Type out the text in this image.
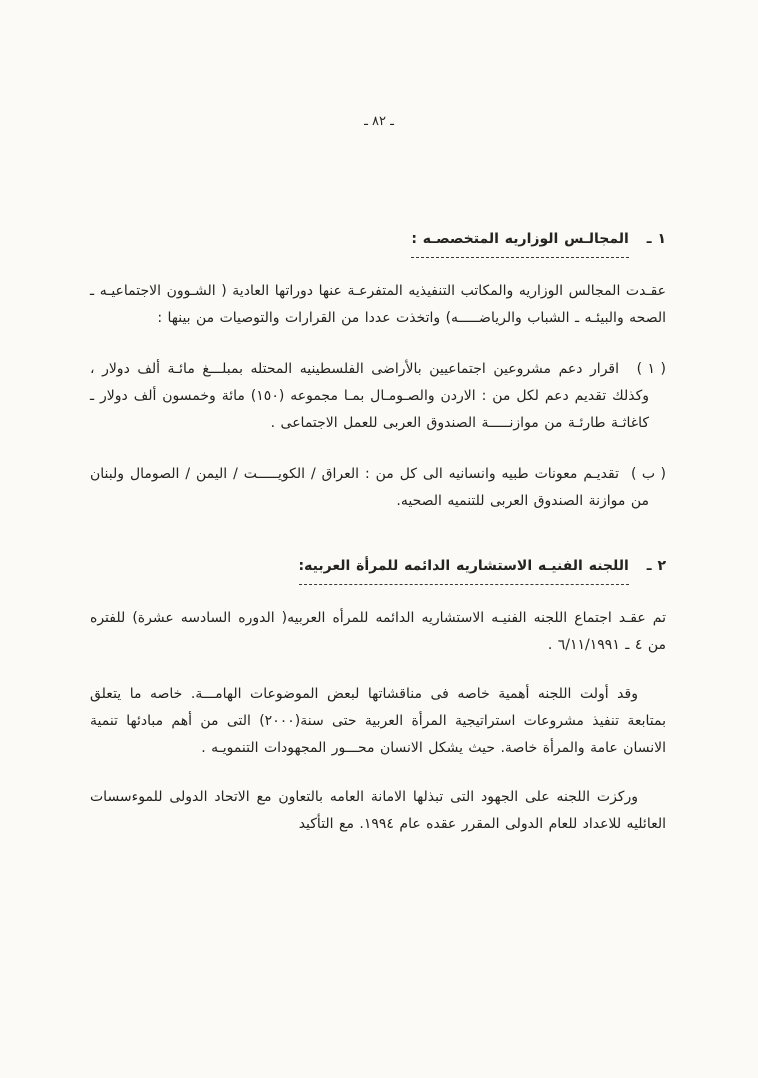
ـ ٨٢ ـ
١ ـ
المجالـس الوزاريه المتخصصـه :

عقـدت المجالس الوزاريه والمكاتب التنفيذيه المتفرعـة عنها دوراتها العادية ( الشـوون الاجتماعيـه ـ الصحه والبيئـه ـ الشباب والرياضـــــه) واتخذت عددا من القرارات والتوصيات من بينها :

( ١ )
اقرار دعم مشروعين اجتماعيين بالأراضى الفلسطينيه المحتله بمبلـــغ مائـة ألف دولار ، وكذلك تقديم دعم لكل من : الاردن والصـومـال بمـا مجموعه (١٥٠) مائة وخمسون ألف دولار ـ كاغاثـة طارئـة من موازنـــــة الصندوق العربى للعمل الاجتماعى .
( ب )
تقديـم معونات طبيه وانسانيه الى كل من : العراق / الكويـــــت / اليمن / الصومال ولبنان من موازنة الصندوق العربى للتنميه الصحيه.
٢ ـ
اللجنه الفنيـه الاستشاريه الدائمه للمرأة العربيه:

تم عقـد اجتماع اللجنه الفنيـه الاستشاريه الدائمه للمرأه العربيه( الدوره السادسه عشرة) للفتره من ٤ ـ ٦/١١/١٩٩١ .

وقد أولت اللجنه أهمية خاصه فى مناقشاتها لبعض الموضوعات الهامـــة. خاصه ما يتعلق بمتابعة تنفيذ مشروعات استراتيجية المرأة العربية حتى سنة(٢٠٠٠) التى من أهم مبادئها تنمية الانسان عامة والمرأة خاصة. حيث يشكل الانسان محـــور المجهودات التنمويـه .

وركزت اللجنه على الجهود التى تبذلها الامانة العامه بالتعاون مع الاتحاد الدولى للموءسسات العائليه للاعداد للعام الدولى المقرر عقده عام ١٩٩٤. مع التأكيد
